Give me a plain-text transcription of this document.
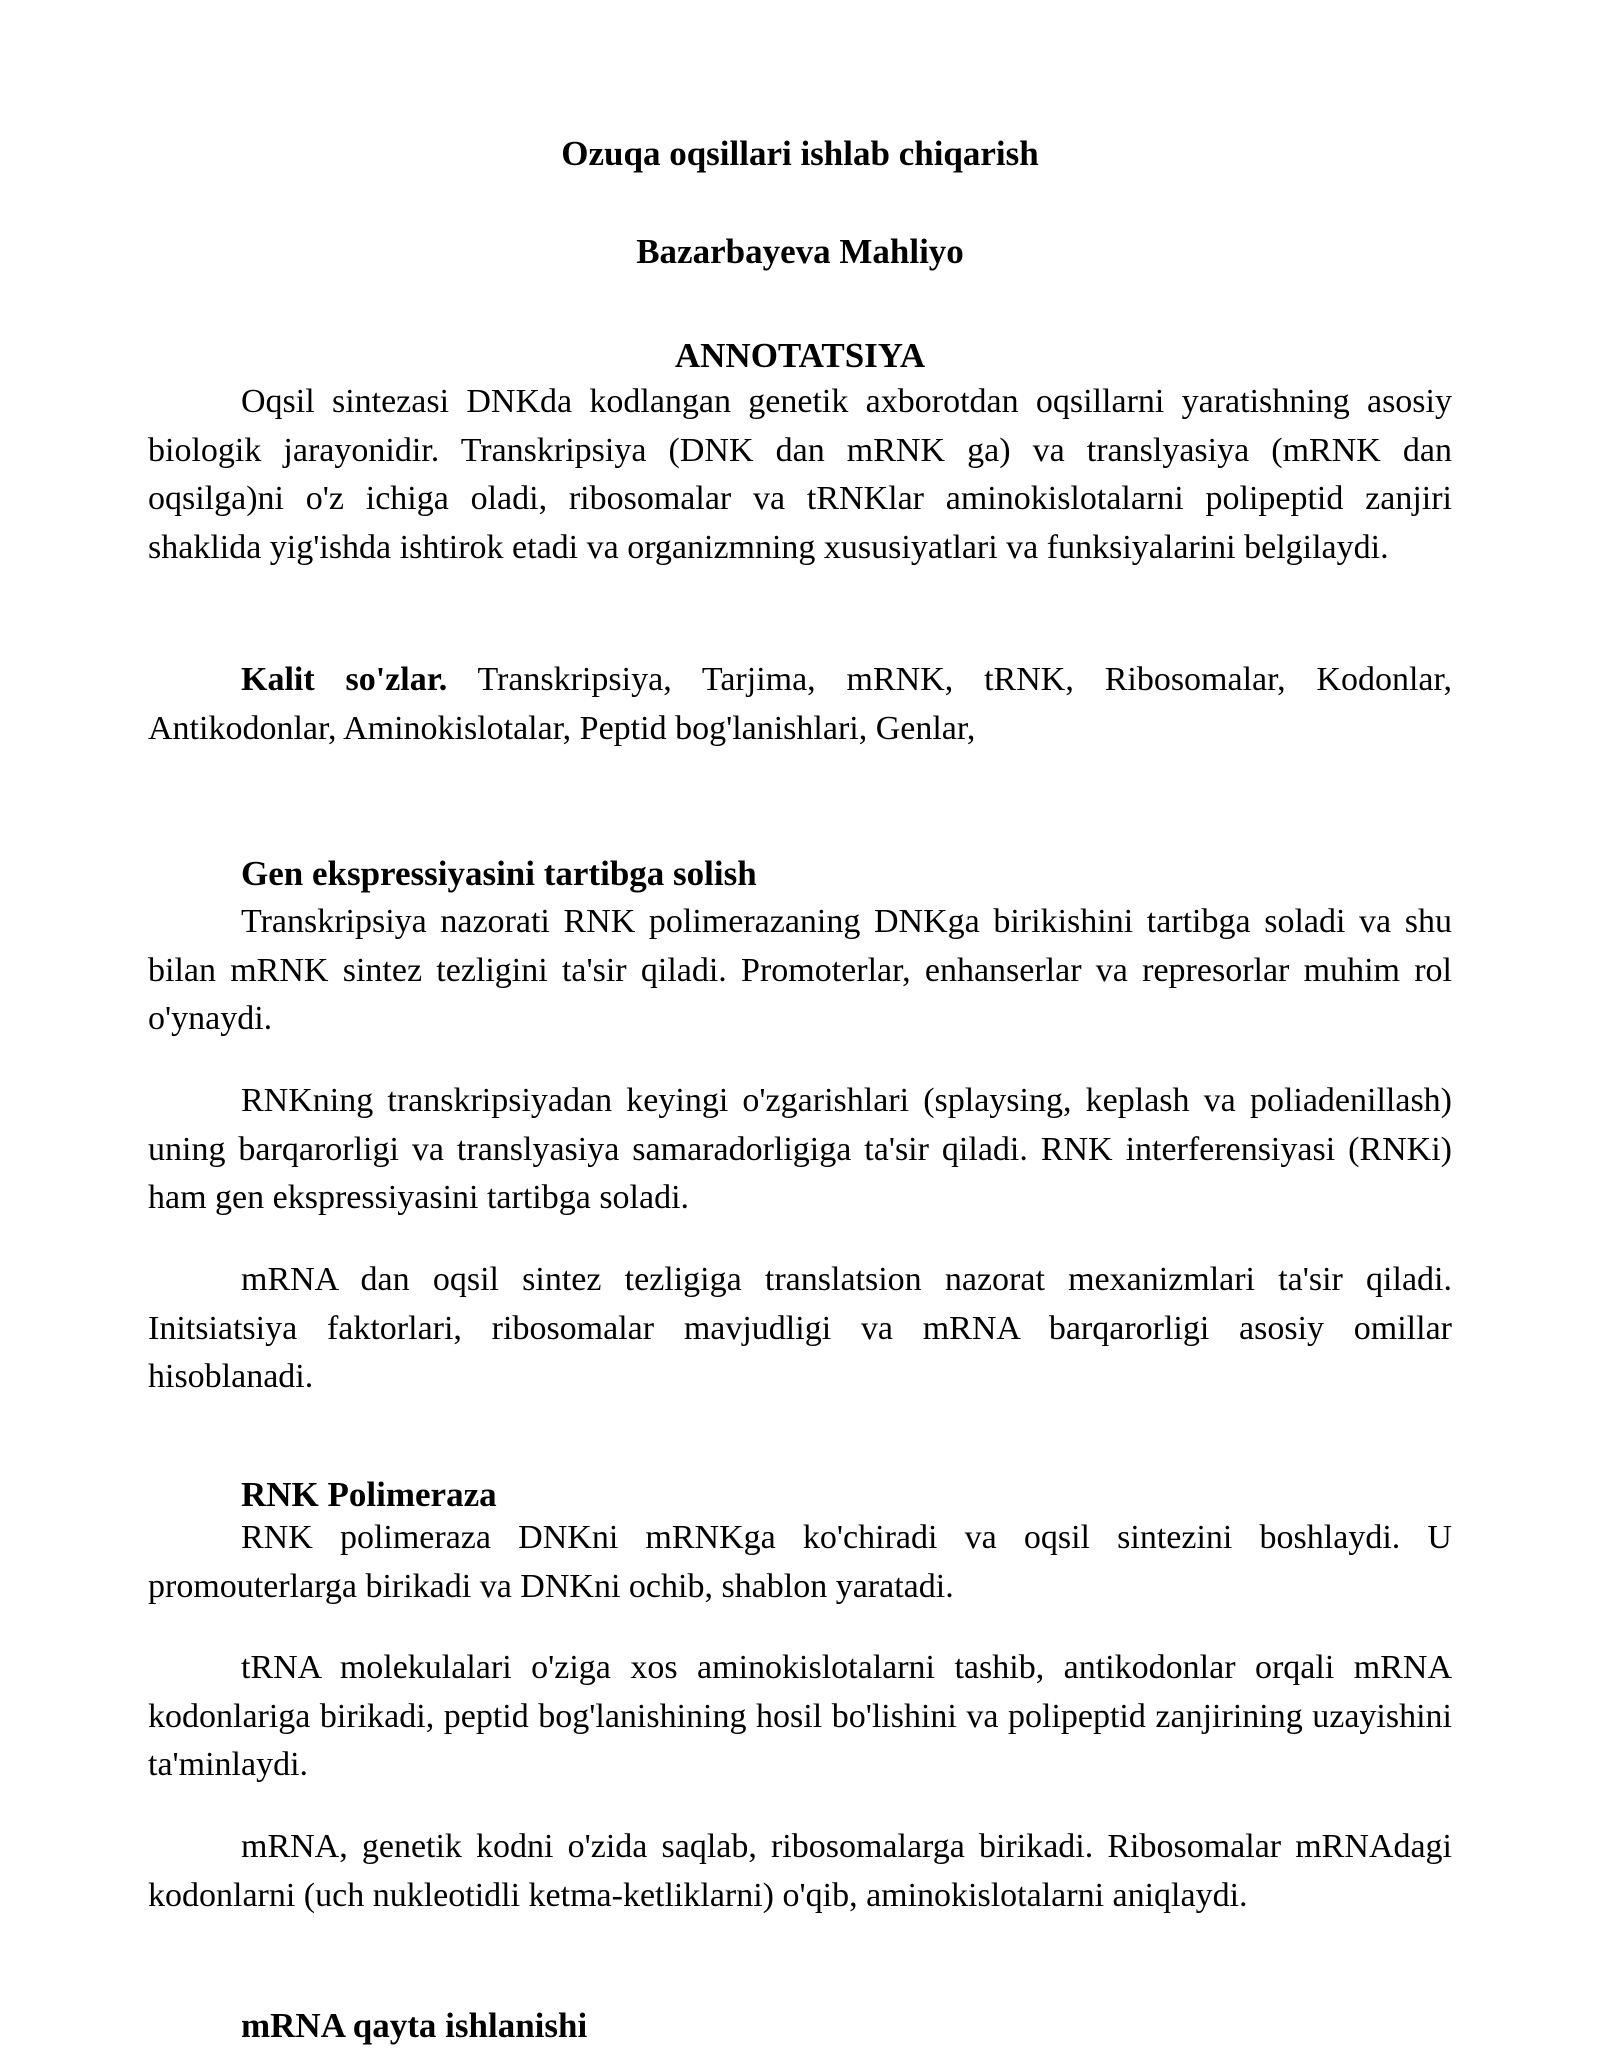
Ozuqa oqsillari ishlab chiqarish

Bazarbayeva Mahliyo

ANNOTATSIYA

Oqsil sintezasi DNKda kodlangan genetik axborotdan oqsillarni yaratishning asosiy biologik jarayonidir. Transkripsiya (DNK dan mRNK ga) va translyasiya (mRNK dan oqsilga)ni o'z ichiga oladi, ribosomalar va tRNKlar aminokislotalarni polipeptid zanjiri shaklida yig'ishda ishtirok etadi va organizmning xususiyatlari va funksiyalarini belgilaydi.

Kalit so'zlar. Transkripsiya, Tarjima, mRNK, tRNK, Ribosomalar, Kodonlar, Antikodonlar, Aminokislotalar, Peptid bog'lanishlari, Genlar,

Gen ekspressiyasini tartibga solish

Transkripsiya nazorati RNK polimerazaning DNKga birikishini tartibga soladi va shu bilan mRNK sintez tezligini ta'sir qiladi. Promoterlar, enhanserlar va represorlar muhim rol o'ynaydi.

RNKning transkripsiyadan keyingi o'zgarishlari (splaysing, keplash va poliadenillash) uning barqarorligi va translyasiya samaradorligiga ta'sir qiladi. RNK interferensiyasi (RNKi) ham gen ekspressiyasini tartibga soladi.

mRNA dan oqsil sintez tezligiga translatsion nazorat mexanizmlari ta'sir qiladi. Initsiatsiya faktorlari, ribosomalar mavjudligi va mRNA barqarorligi asosiy omillar hisoblanadi.

RNK Polimeraza

RNK polimeraza DNKni mRNKga ko'chiradi va oqsil sintezini boshlaydi. U promouterlarga birikadi va DNKni ochib, shablon yaratadi.

tRNA molekulalari o'ziga xos aminokislotalarni tashib, antikodonlar orqali mRNA kodonlariga birikadi, peptid bog'lanishining hosil bo'lishini va polipeptid zanjirining uzayishini ta'minlaydi.

mRNA, genetik kodni o'zida saqlab, ribosomalarga birikadi. Ribosomalar mRNAdagi kodonlarni (uch nukleotidli ketma-ketliklarni) o'qib, aminokislotalarni aniqlaydi.

mRNA qayta ishlanishi
